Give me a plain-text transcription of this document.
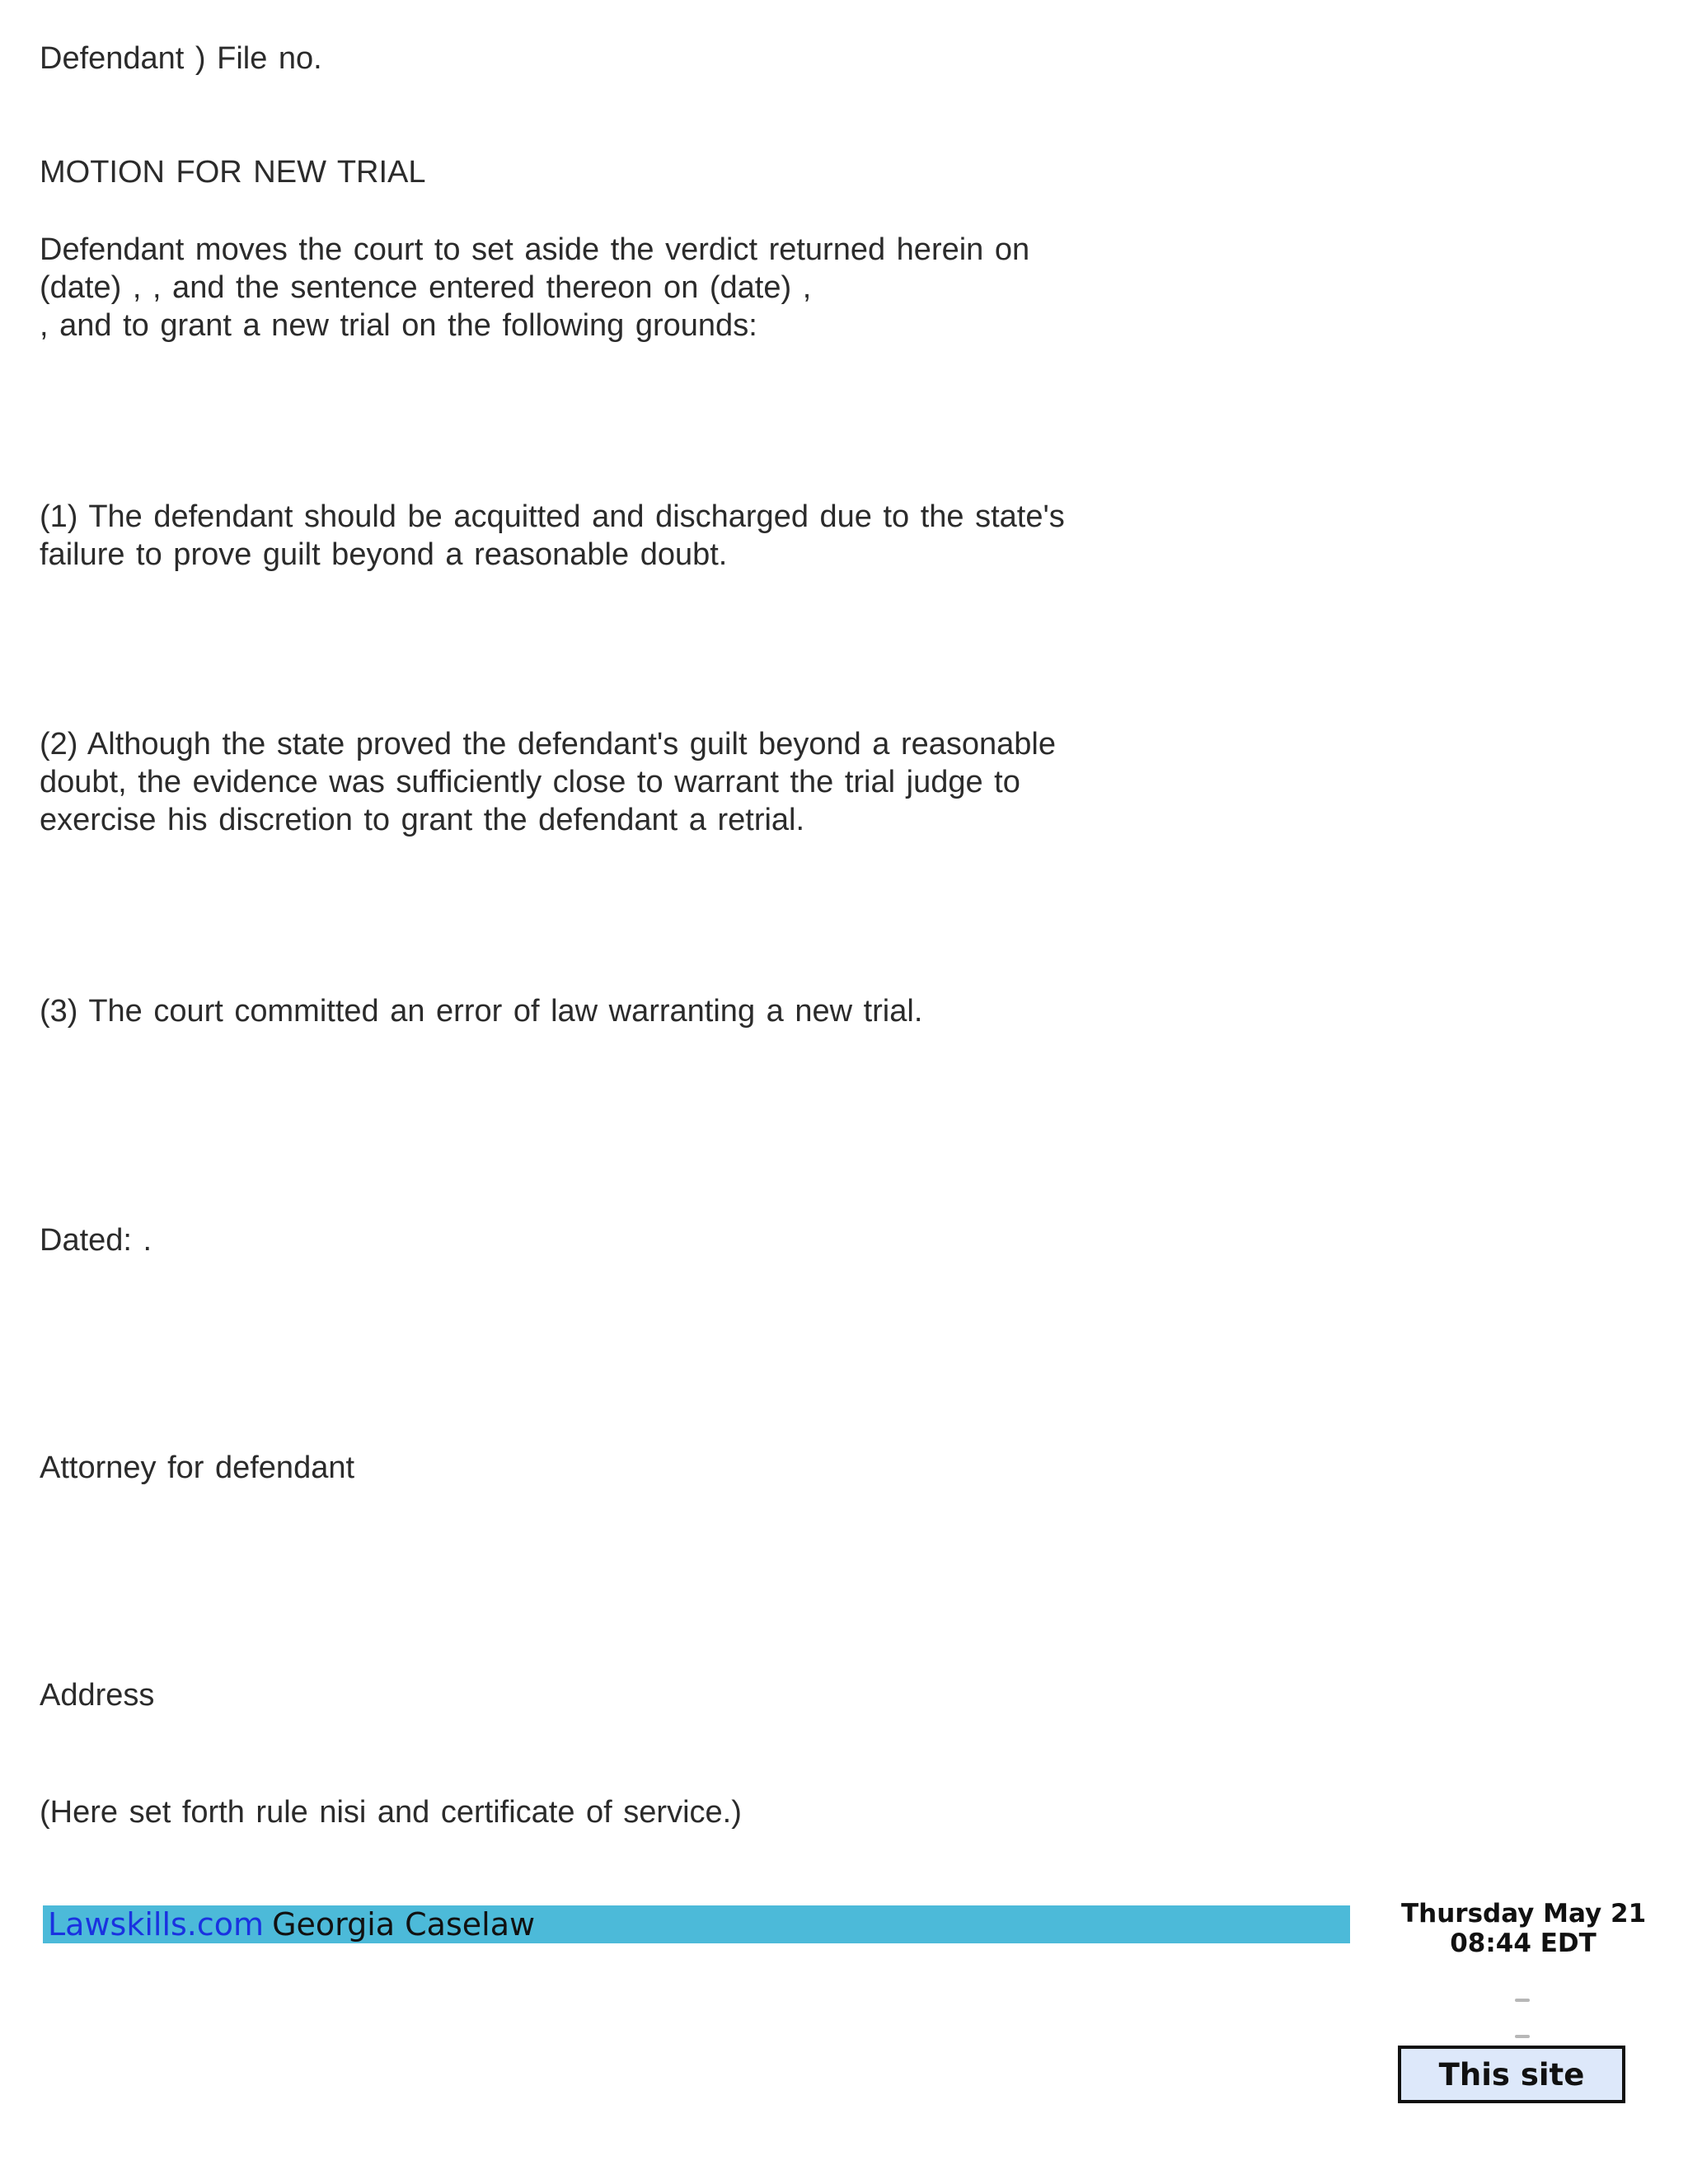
Defendant ) File no.

MOTION FOR NEW TRIAL

Defendant moves the court to set aside the verdict returned herein on
(date) , , and the sentence entered thereon on (date) ,
, and to grant a new trial on the following grounds:
(1) The defendant should be acquitted and discharged due to the state's
failure to prove guilt beyond a reasonable doubt.
(2) Although the state proved the defendant's guilt beyond a reasonable
doubt, the evidence was sufficiently close to warrant the trial judge to
exercise his discretion to grant the defendant a retrial.
(3) The court committed an error of law warranting a new trial.

Dated: .

Attorney for defendant

Address

(Here set forth rule nisi and certificate of service.)

Lawskills.com Georgia Caselaw	Thursday May 21
08:44 EDT
This site
